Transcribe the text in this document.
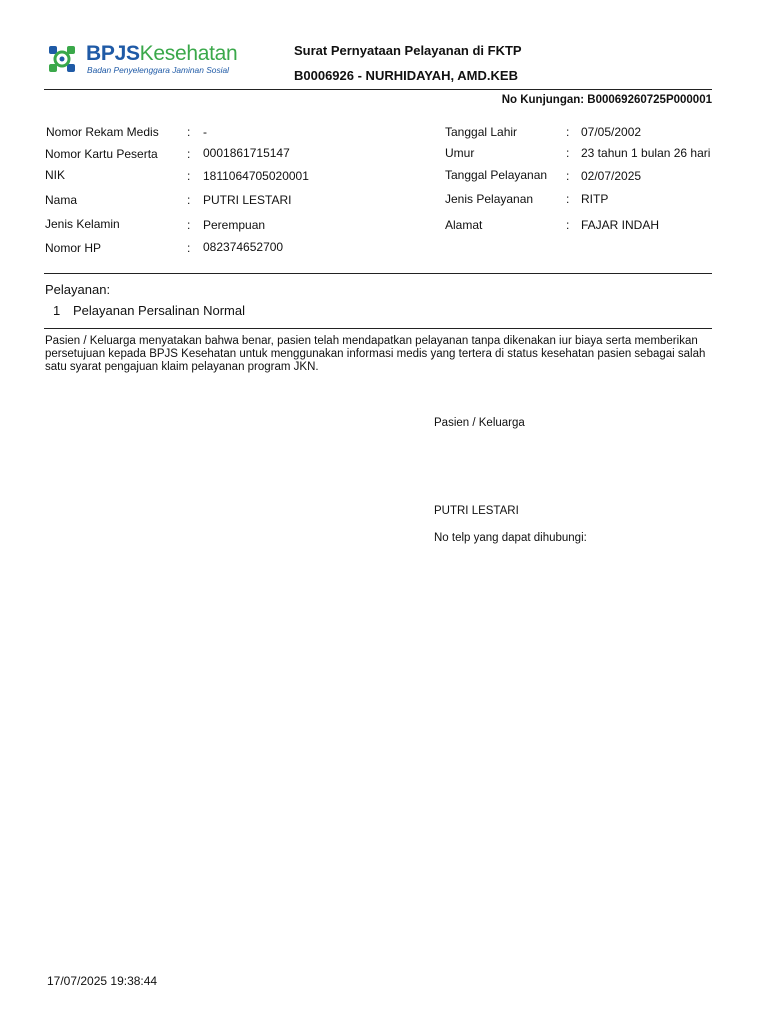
BPJSKesehatan
Badan Penyelenggara Jaminan Sosial
Surat Pernyataan Pelayanan di FKTP
B0006926 - NURHIDAYAH, AMD.KEB
No Kunjungan: B00069260725P000001
Nomor Rekam Medis : -
Nomor Kartu Peserta : 0001861715147
NIK	: 1811064705020001
Nama	: PUTRI LESTARI
Jenis Kelamin	: Perempuan
Nomor HP	: 082374652700
Tanggal Lahir	: 07/05/2002
Umur	: 23 tahun 1 bulan 26 hari
Tanggal Pelayanan : 02/07/2025
Jenis Pelayanan	: RITP
Alamat	: FAJAR INDAH
Pelayanan:
1 Pelayanan Persalinan Normal
Pasien / Keluarga menyatakan bahwa benar, pasien telah mendapatkan pelayanan tanpa dikenakan iur biaya serta memberikan persetujuan kepada BPJS Kesehatan untuk menggunakan informasi medis yang tertera di status kesehatan pasien sebagai salah satu syarat pengajuan klaim pelayanan program JKN.
Pasien / Keluarga
PUTRI LESTARI
No telp yang dapat dihubungi:
17/07/2025 19:38:44
